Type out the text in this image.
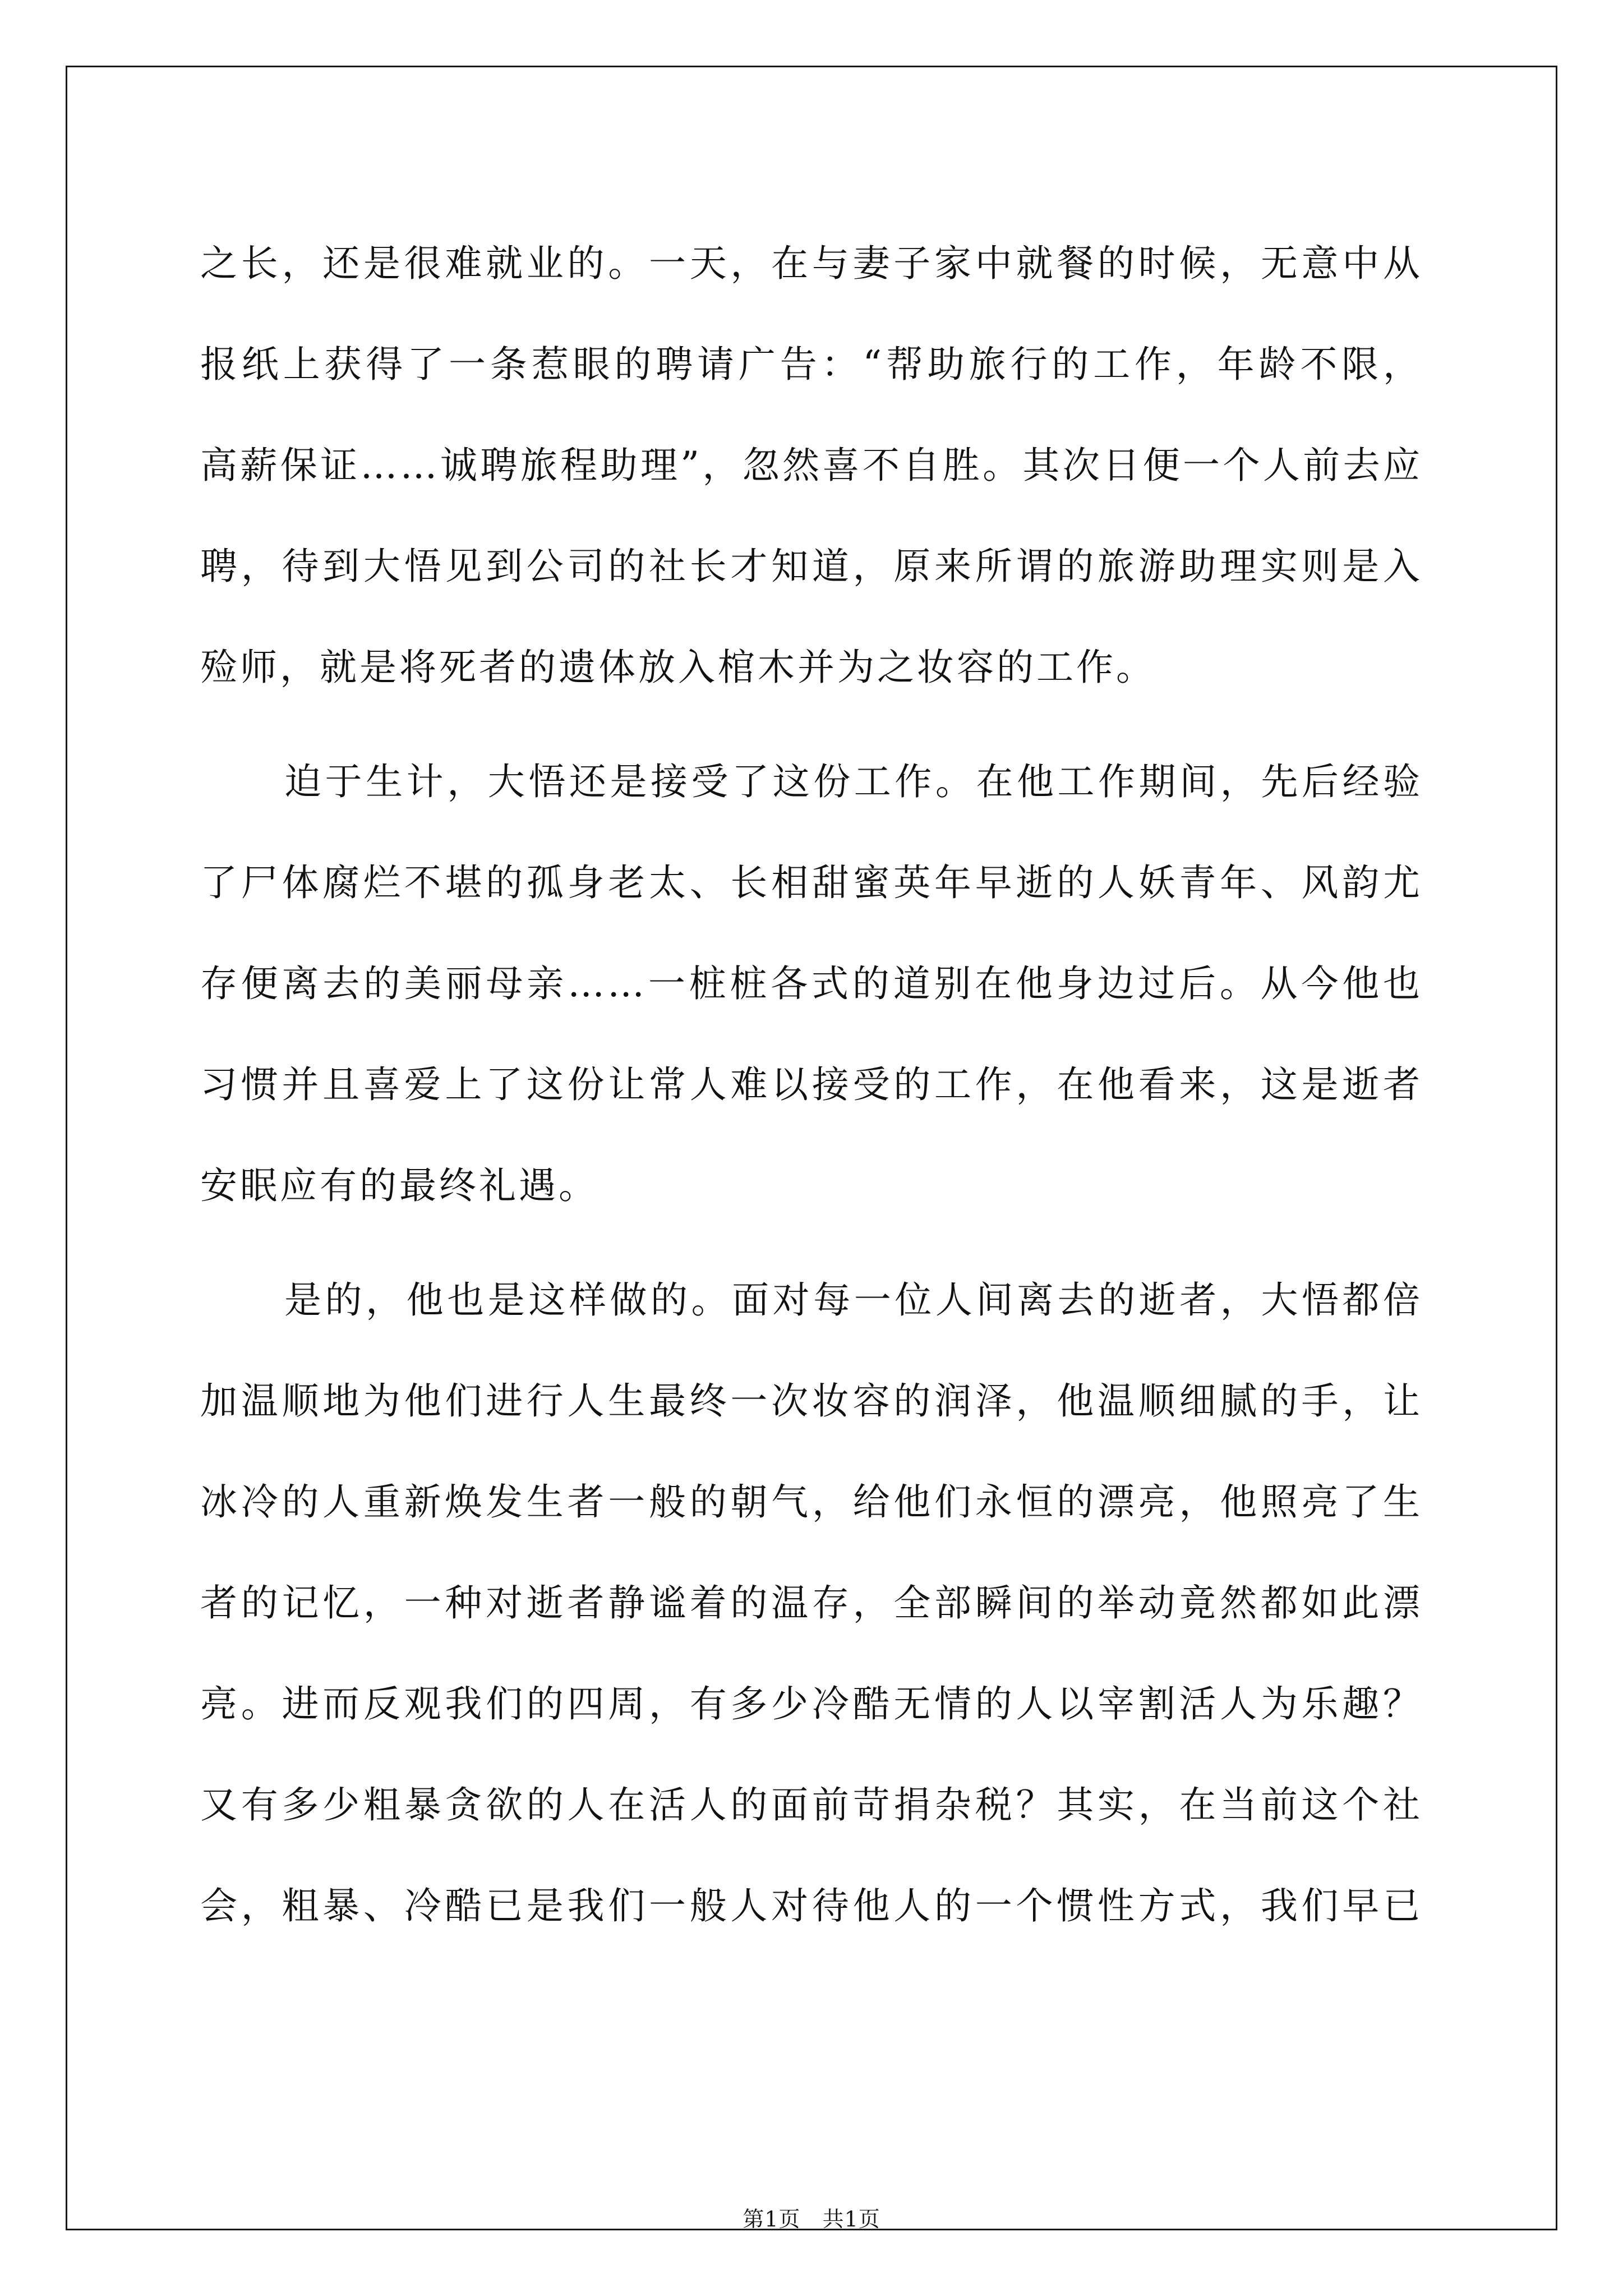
之长，还是很难就业的。一天，在与妻子家中就餐的时候，无意中从
报纸上获得了一条惹眼的聘请广告：“帮助旅行的工作，年龄不限，
高薪保证……诚聘旅程助理”，忽然喜不自胜。其次日便一个人前去应
聘，待到大悟见到公司的社长才知道，原来所谓的旅游助理实则是入
殓师，就是将死者的遗体放入棺木并为之妆容的工作。
迫于生计，大悟还是接受了这份工作。在他工作期间，先后经验
了尸体腐烂不堪的孤身老太、长相甜蜜英年早逝的人妖青年、风韵尤
存便离去的美丽母亲……一桩桩各式的道别在他身边过后。从今他也
习惯并且喜爱上了这份让常人难以接受的工作，在他看来，这是逝者
安眠应有的最终礼遇。
是的，他也是这样做的。面对每一位人间离去的逝者，大悟都倍
加温顺地为他们进行人生最终一次妆容的润泽，他温顺细腻的手，让
冰冷的人重新焕发生者一般的朝气，给他们永恒的漂亮，他照亮了生
者的记忆，一种对逝者静谧着的温存，全部瞬间的举动竟然都如此漂
亮。进而反观我们的四周，有多少冷酷无情的人以宰割活人为乐趣？
又有多少粗暴贪欲的人在活人的面前苛捐杂税？其实，在当前这个社
会，粗暴、冷酷已是我们一般人对待他人的一个惯性方式，我们早已
第1页   共1页
